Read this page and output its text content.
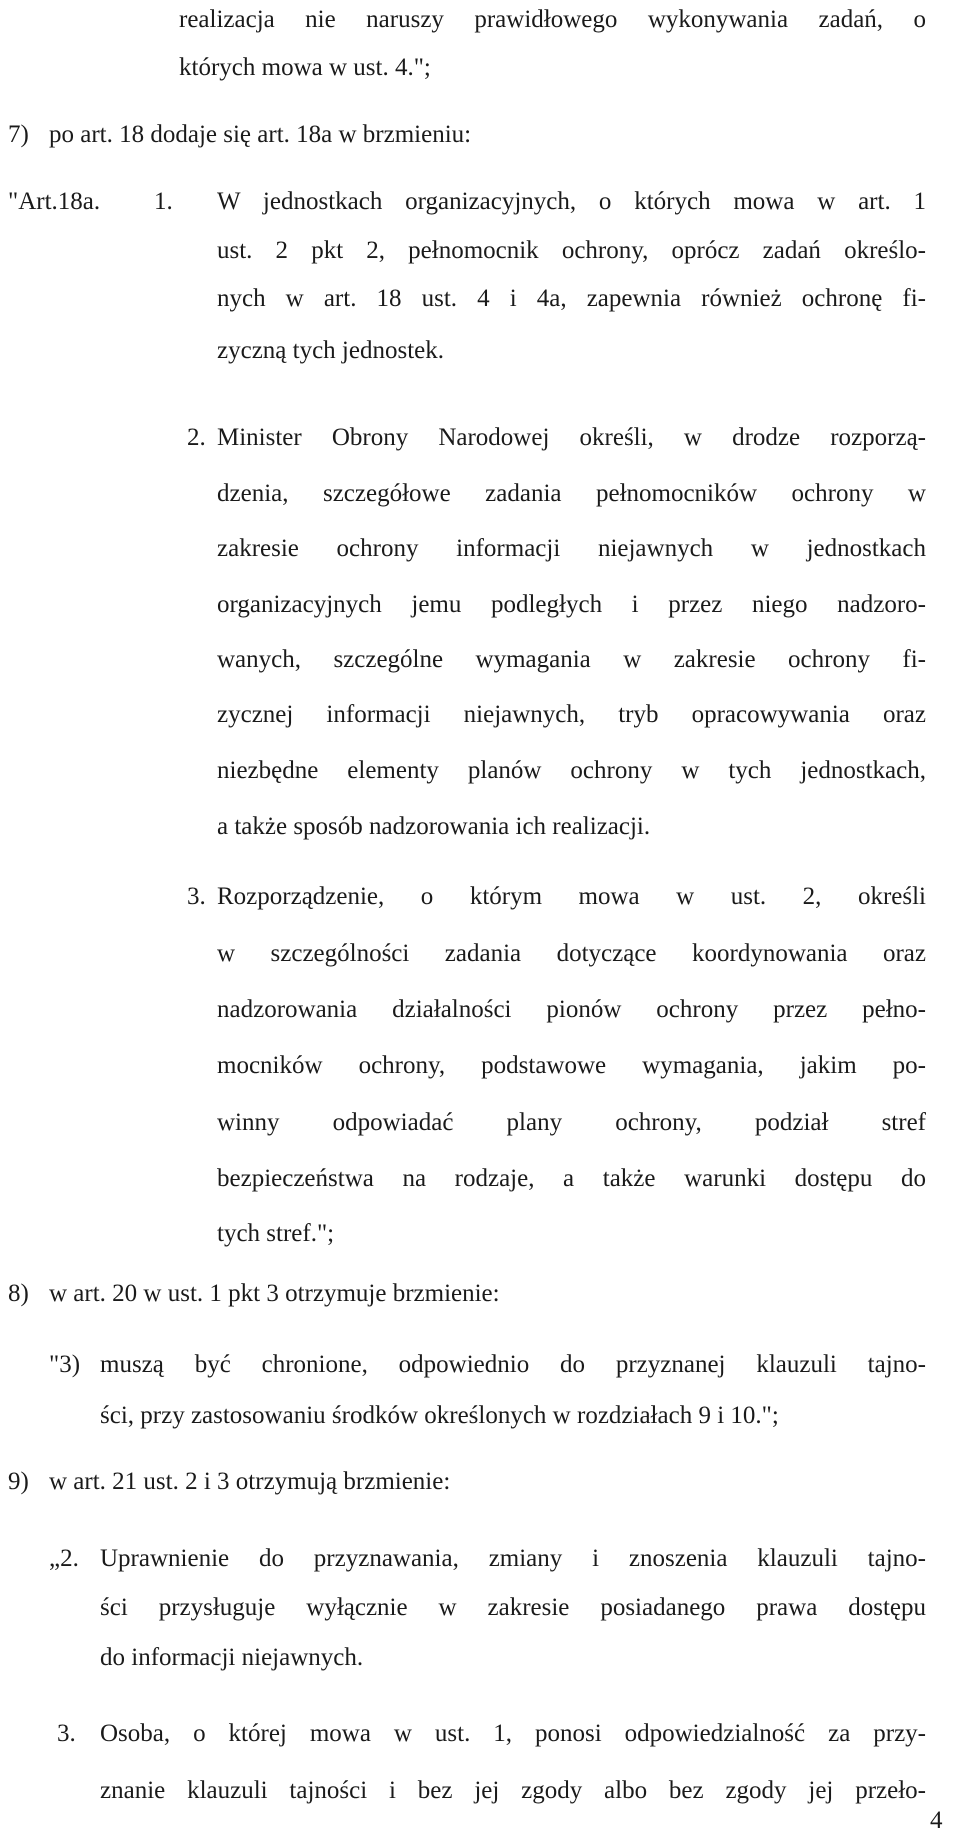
realizacja nie naruszy prawidłowego wykonywania zadań, o
których mowa w ust. 4.";
7) po art. 18 dodaje się art. 18a w brzmieniu:
"Art.18a. 1. W jednostkach organizacyjnych, o których mowa w art. 1
ust. 2 pkt 2, pełnomocnik ochrony, oprócz zadań określo-
nych w art. 18 ust. 4 i 4a, zapewnia również ochronę fi-
zyczną tych jednostek.
2. Minister Obrony Narodowej określi, w drodze rozporzą-
dzenia, szczegółowe zadania pełnomocników ochrony w
zakresie ochrony informacji niejawnych w jednostkach
organizacyjnych jemu podległych i przez niego nadzoro-
wanych, szczególne wymagania w zakresie ochrony fi-
zycznej informacji niejawnych, tryb opracowywania oraz
niezbędne elementy planów ochrony w tych jednostkach,
a także sposób nadzorowania ich realizacji.
3. Rozporządzenie, o którym mowa w ust. 2, określi
w szczególności zadania dotyczące koordynowania oraz
nadzorowania działalności pionów ochrony przez pełno-
mocników ochrony, podstawowe wymagania, jakim po-
winny odpowiadać plany ochrony, podział stref
bezpieczeństwa na rodzaje, a także warunki dostępu do
tych stref.";
8) w art. 20 w ust. 1 pkt 3 otrzymuje brzmienie:
"3) muszą być chronione, odpowiednio do przyznanej klauzuli tajno-
ści, przy zastosowaniu środków określonych w rozdziałach 9 i 10.";
9) w art. 21 ust. 2 i 3 otrzymują brzmienie:
„2. Uprawnienie do przyznawania, zmiany i znoszenia klauzuli tajno-
ści przysługuje wyłącznie w zakresie posiadanego prawa dostępu
do informacji niejawnych.
3. Osoba, o której mowa w ust. 1, ponosi odpowiedzialność za przy-
znanie klauzuli tajności i bez jej zgody albo bez zgody jej przeło-
4
